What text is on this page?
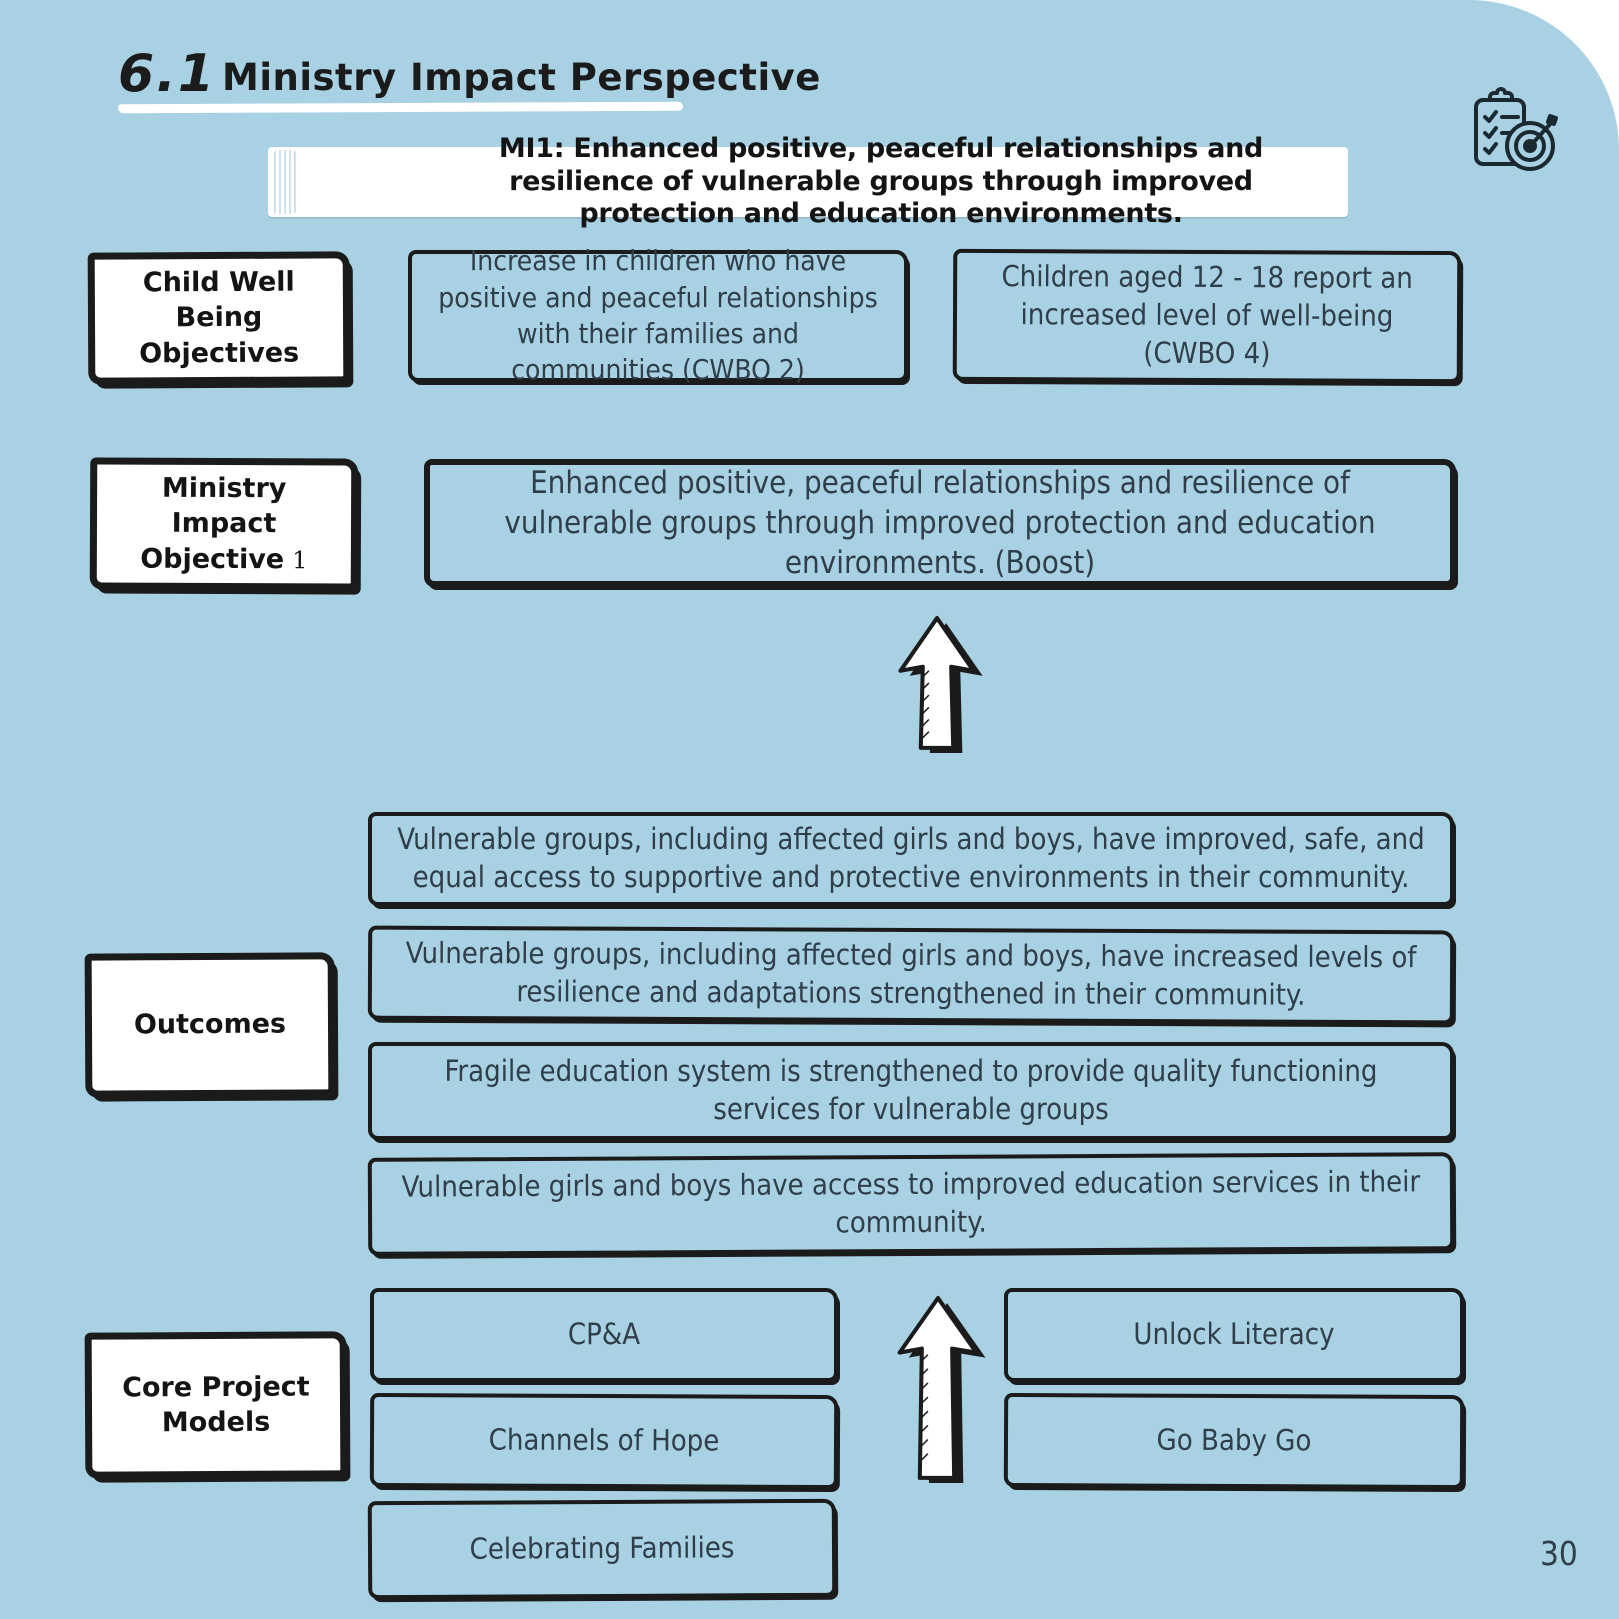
6.1 Ministry Impact Perspective
MI1: Enhanced positive, peaceful relationships and resilience of vulnerable groups through improved protection and education environments.
Child Well Being Objectives
Increase in children who have positive and peaceful relationships with their families and communities (CWBO 2)
Children aged 12 - 18 report an increased level of well-being (CWBO 4)
Ministry Impact Objective 1
Enhanced positive, peaceful relationships and resilience of vulnerable groups through improved protection and education environments. (Boost)
Outcomes
Vulnerable groups, including affected girls and boys, have improved, safe, and equal access to supportive and protective environments in their community.
Vulnerable groups, including affected girls and boys, have increased levels of resilience and adaptations strengthened in their community.
Fragile education system is strengthened to provide quality functioning services for vulnerable groups
Vulnerable girls and boys have access to improved education services in their community.
Core Project Models
CP&A
Channels of Hope
Celebrating Families
Unlock Literacy
Go Baby Go
30
